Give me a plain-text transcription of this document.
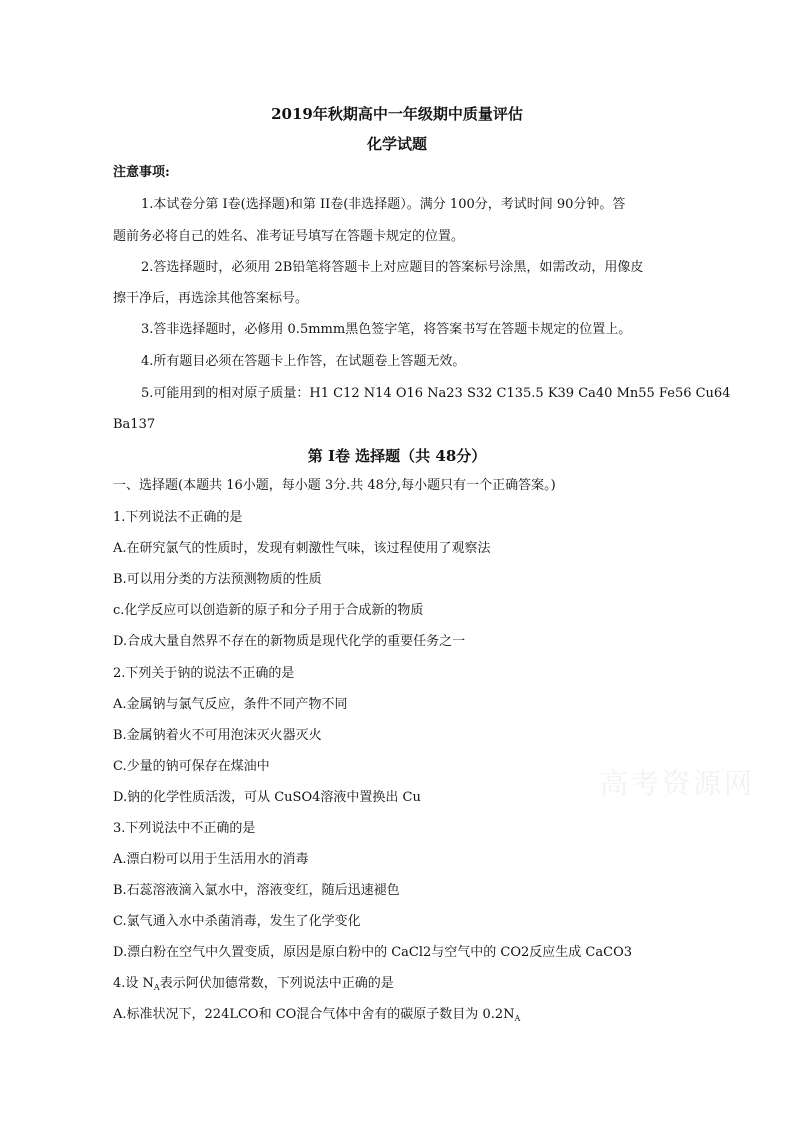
2019年秋期高中一年级期中质量评估
化学试题

注意事项:

1.本试卷分第 I卷(选择题)和第 II卷(非选择题）。满分 100分，考试时间 90分钟。答

题前务必将自己的姓名、准考证号填写在答题卡规定的位置。

2.答选择题时，必须用 2B铅笔将答题卡上对应题目的答案标号涂黑，如需改动，用像皮

擦干净后，再选涂其他答案标号。

3.答非选择题时，必修用 0.5mmm黑色签字笔，将答案书写在答题卡规定的位置上。

4.所有题目必须在答题卡上作答，在试题卷上答题无效。

5.可能用到的相对原子质量：H1 C12 N14 O16 Na23 S32 C135.5 K39 Ca40 Mn55 Fe56 Cu64

Ba137

第 I卷 选择题（共 48分）

一、选择题(本题共 16小题，每小题 3分.共 48分,每小题只有一个正确答案。)

1.下列说法不正确的是

A.在研究氯气的性质时，发现有刺激性气味，该过程使用了观察法

B.可以用分类的方法预测物质的性质

c.化学反应可以创造新的原子和分子用于合成新的物质

D.合成大量自然界不存在的新物质是现代化学的重要任务之一

2.下列关于钠的说法不正确的是

A.金属钠与氯气反应，条件不同产物不同

B.金属钠着火不可用泡沫灭火器灭火

C.少量的钠可保存在煤油中

D.钠的化学性质活泼，可从 CuSO4溶液中置换出 Cu

3.下列说法中不正确的是

A.漂白粉可以用于生活用水的消毒

B.石蕊溶液滴入氯水中，溶液变红，随后迅速褪色

C.氯气通入水中杀菌消毒，发生了化学变化

D.漂白粉在空气中久置变质，原因是原白粉中的 CaCl2与空气中的 CO2反应生成 CaCO3

4.设 $N_A$表示阿伏加德常数，下列说法中正确的是

A.标准状况下，224LCO和 CO混合气体中舍有的碳原子数目为 $0.2N_A$

高考资源网
